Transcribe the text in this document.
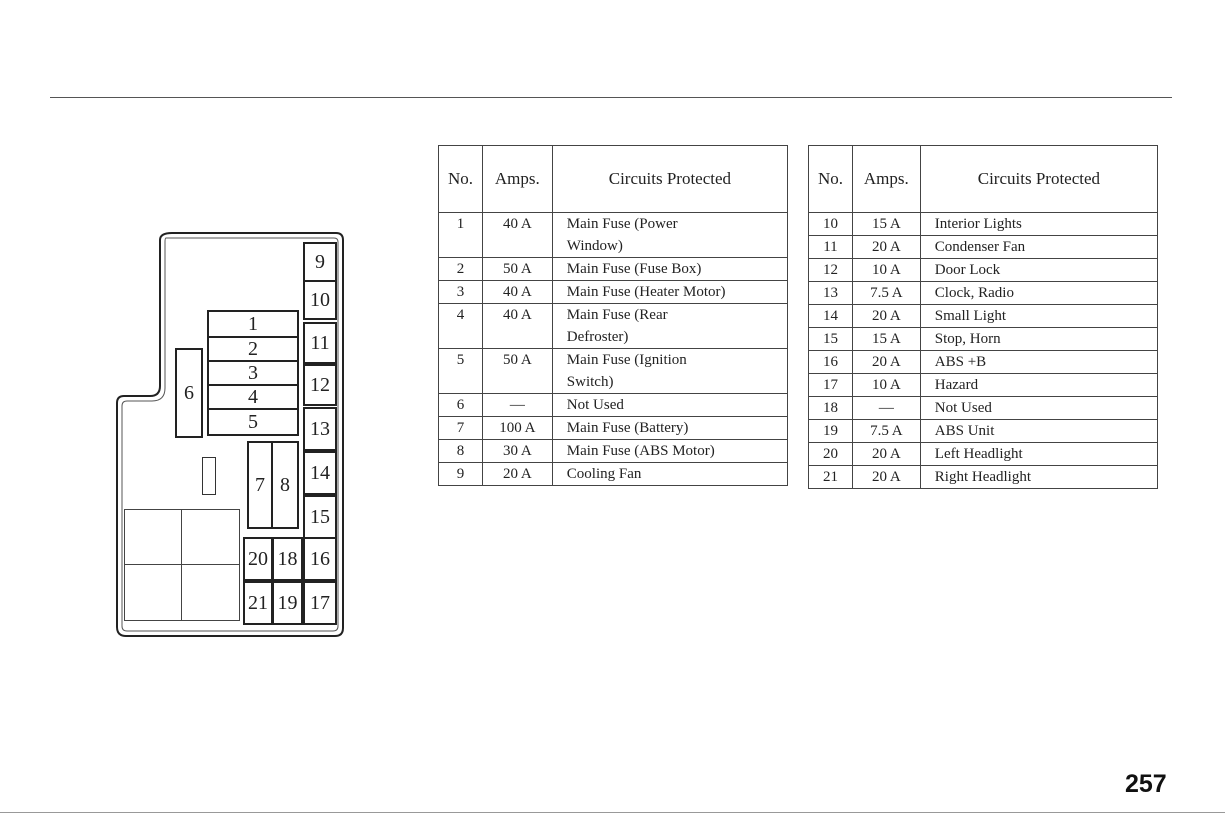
1
2
3
4
5
6
7 8
9
10
11
12
13
14
15
20 18 16
21 19 17
No.	Amps.	Circuits Protected
1	40 A	Main Fuse (Power
		Window)
2	50 A	Main Fuse (Fuse Box)
3	40 A	Main Fuse (Heater Motor)
4	40 A	Main Fuse (Rear
		Defroster)
5	50 A	Main Fuse (Ignition
		Switch)
6	—	Not Used
7	100 A	Main Fuse (Battery)
8	30 A	Main Fuse (ABS Motor)
9	20 A	Cooling Fan
No.	Amps.	Circuits Protected
10	15 A	Interior Lights
11	20 A	Condenser Fan
12	10 A	Door Lock
13	7.5 A	Clock, Radio
14	20 A	Small Light
15	15 A	Stop, Horn
16	20 A	ABS +B
17	10 A	Hazard
18	—	Not Used
19	7.5 A	ABS Unit
20	20 A	Left Headlight
21	20 A	Right Headlight
257
